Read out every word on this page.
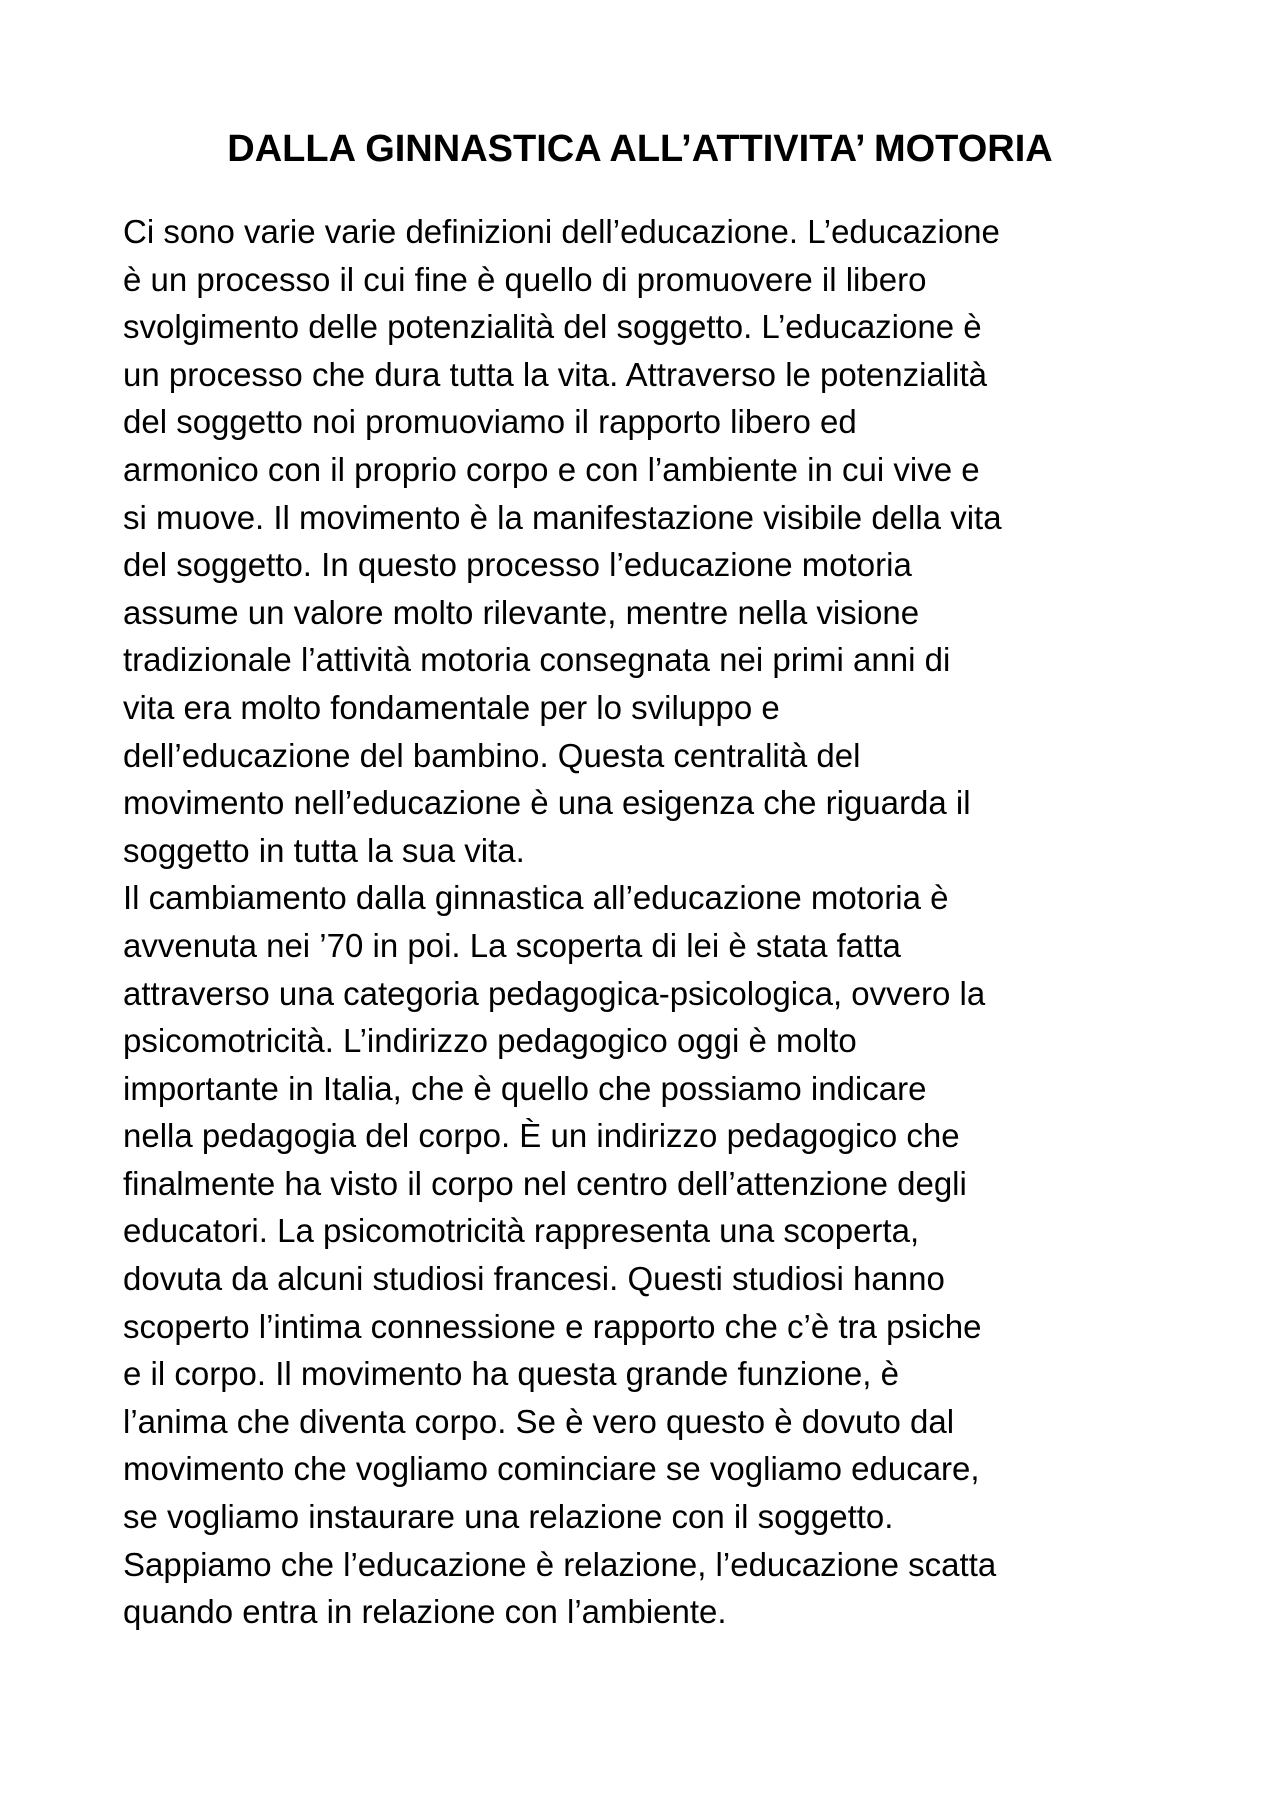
DALLA GINNASTICA ALL’ATTIVITA’ MOTORIA
Ci sono varie varie definizioni dell’educazione. L’educazione
è un processo il cui fine è quello di promuovere il libero
svolgimento delle potenzialità del soggetto. L’educazione è
un processo che dura tutta la vita. Attraverso le potenzialità
del soggetto noi promuoviamo il rapporto libero ed
armonico con il proprio corpo e con l’ambiente in cui vive e
si muove. Il movimento è la manifestazione visibile della vita
del soggetto. In questo processo l’educazione motoria
assume un valore molto rilevante, mentre nella visione
tradizionale l’attività motoria consegnata nei primi anni di
vita era molto fondamentale per lo sviluppo e
dell’educazione del bambino. Questa centralità del
movimento nell’educazione è una esigenza che riguarda il
soggetto in tutta la sua vita.
Il cambiamento dalla ginnastica all’educazione motoria è
avvenuta nei ’70 in poi. La scoperta di lei è stata fatta
attraverso una categoria pedagogica-psicologica, ovvero la
psicomotricità. L’indirizzo pedagogico oggi è molto
importante in Italia, che è quello che possiamo indicare
nella pedagogia del corpo. È un indirizzo pedagogico che
finalmente ha visto il corpo nel centro dell’attenzione degli
educatori. La psicomotricità rappresenta una scoperta,
dovuta da alcuni studiosi francesi. Questi studiosi hanno
scoperto l’intima connessione e rapporto che c’è tra psiche
e il corpo. Il movimento ha questa grande funzione, è
l’anima che diventa corpo. Se è vero questo è dovuto dal
movimento che vogliamo cominciare se vogliamo educare,
se vogliamo instaurare una relazione con il soggetto.
Sappiamo che l’educazione è relazione, l’educazione scatta
quando entra in relazione con l’ambiente.
